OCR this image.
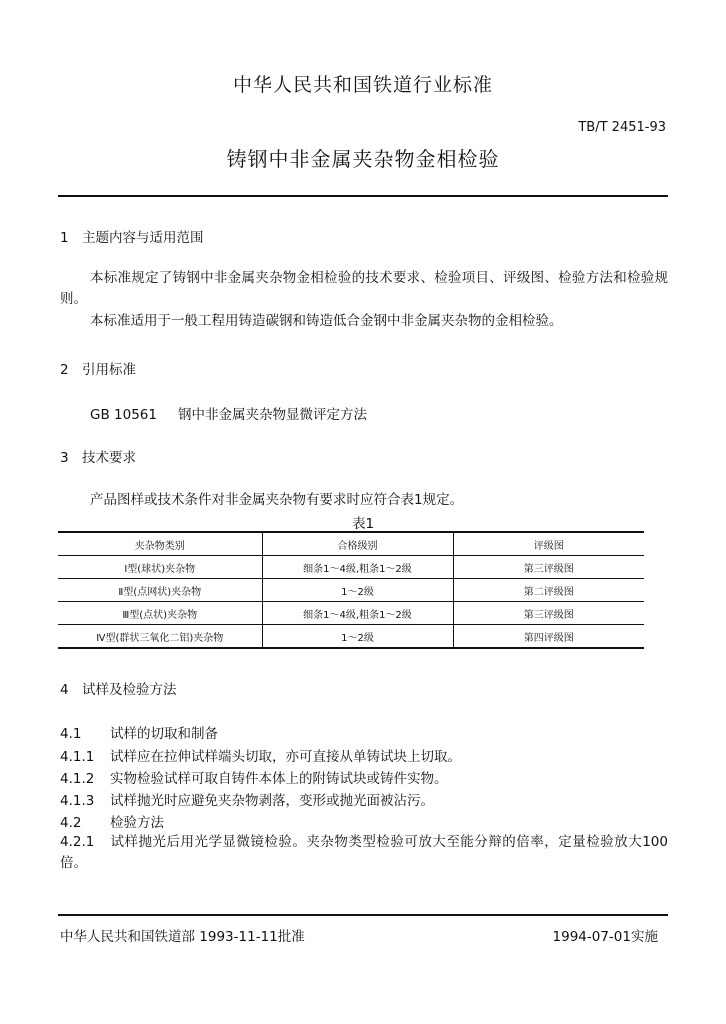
中华人民共和国铁道行业标准
TB/T 2451-93
铸钢中非金属夹杂物金相检验
1 主题内容与适用范围
本标准规定了铸钢中非金属夹杂物金相检验的技术要求、检验项目、评级图、检验方法和检验规则。
本标准适用于一般工程用铸造碳钢和铸造低合金钢中非金属夹杂物的金相检验。
2 引用标准
GB 10561 钢中非金属夹杂物显微评定方法
3 技术要求
产品图样或技术条件对非金属夹杂物有要求时应符合表1规定。
表1
夹杂物类别	合格级别	评级图
Ⅰ型(球状)夹杂物	细条1～4级,粗条1～2级	第三评级图
Ⅱ型(点网状)夹杂物	1～2级	第二评级图
Ⅲ型(点状)夹杂物	细条1～4级,粗条1～2级	第三评级图
Ⅳ型(群状三氧化二铝)夹杂物	1～2级	第四评级图
4 试样及检验方法
4.1 试样的切取和制备
4.1.1 试样应在拉伸试样端头切取，亦可直接从单铸试块上切取。
4.1.2 实物检验试样可取自铸件本体上的附铸试块或铸件实物。
4.1.3 试样抛光时应避免夹杂物剥落，变形或抛光面被沾污。
4.2 检验方法
4.2.1 试样抛光后用光学显微镜检验。夹杂物类型检验可放大至能分辩的倍率，定量检验放大100倍。
中华人民共和国铁道部 1993-11-11批准	1994-07-01实施
